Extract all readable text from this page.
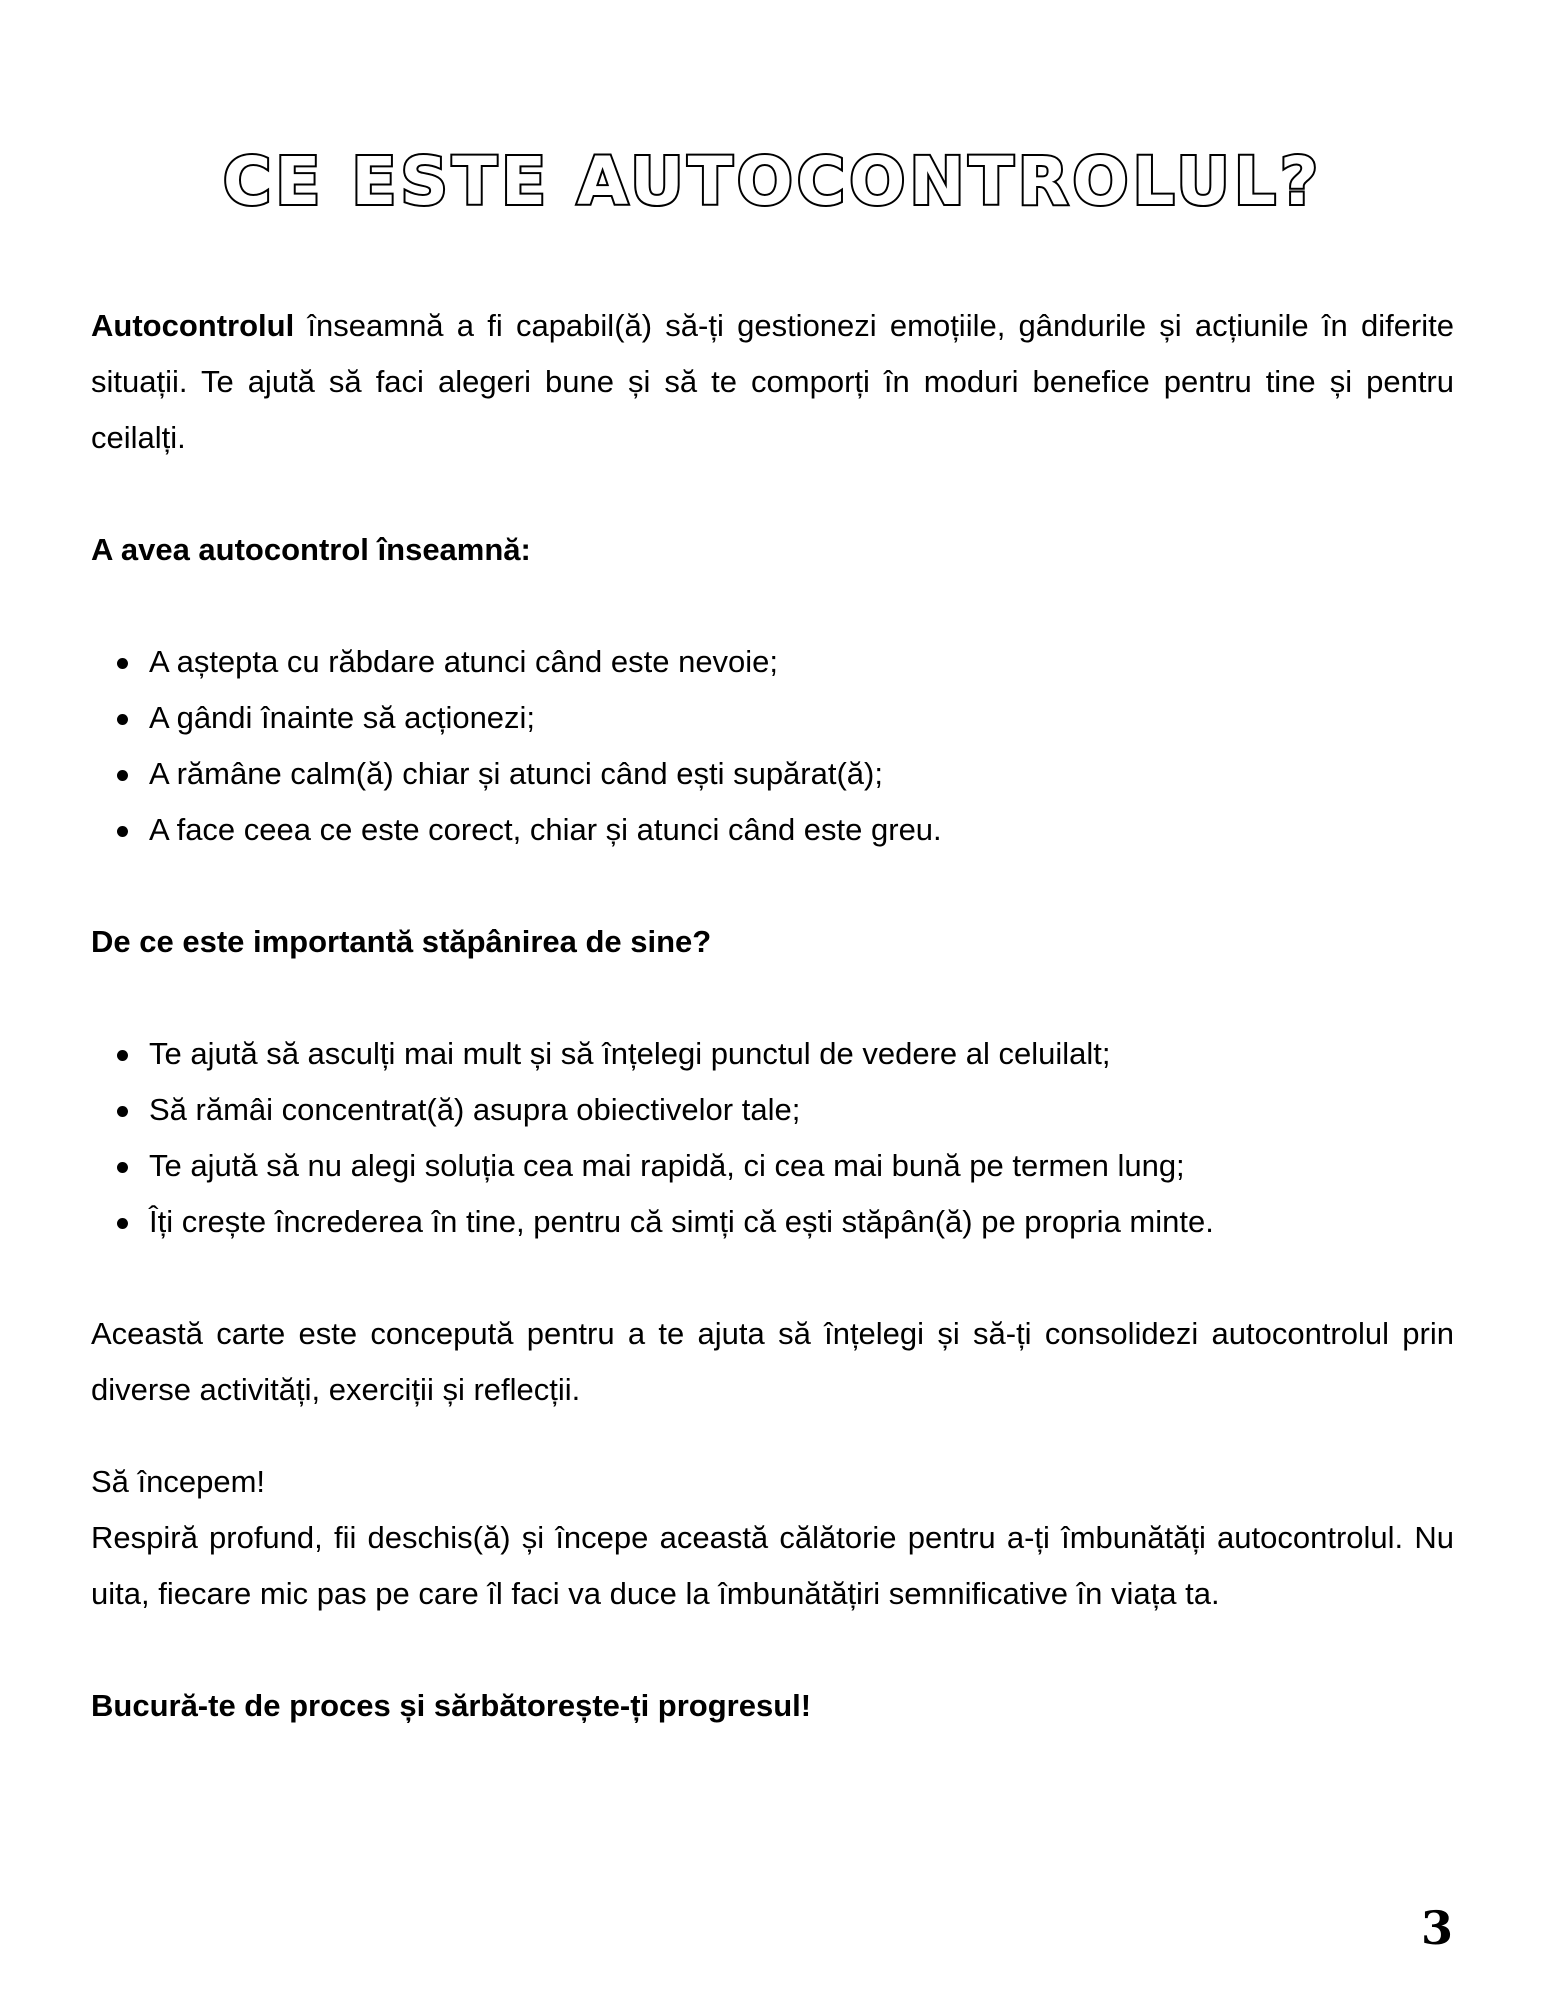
CE ESTE AUTOCONTROLUL?

Autocontrolul înseamnă a fi capabil(ă) să-ți gestionezi emoțiile, gândurile și acțiunile în diferite situații. Te ajută să faci alegeri bune și să te comporți în moduri benefice pentru tine și pentru ceilalți.

A avea autocontrol înseamnă:

A aștepta cu răbdare atunci când este nevoie;
A gândi înainte să acționezi;
A rămâne calm(ă) chiar și atunci când ești supărat(ă);
A face ceea ce este corect, chiar și atunci când este greu.

De ce este importantă stăpânirea de sine?

Te ajută să asculți mai mult și să înțelegi punctul de vedere al celuilalt;
Să rămâi concentrat(ă) asupra obiectivelor tale;
Te ajută să nu alegi soluția cea mai rapidă, ci cea mai bună pe termen lung;
Îți crește încrederea în tine, pentru că simți că ești stăpân(ă) pe propria minte.

Această carte este concepută pentru a te ajuta să înțelegi și să-ți consolidezi autocontrolul prin diverse activități, exerciții și reflecții.

Să începem!

Respiră profund, fii deschis(ă) și începe această călătorie pentru a-ți îmbunătăți autocontrolul. Nu uita, fiecare mic pas pe care îl faci va duce la îmbunătățiri semnificative în viața ta.

Bucură-te de proces și sărbătorește-ți progresul!

3
